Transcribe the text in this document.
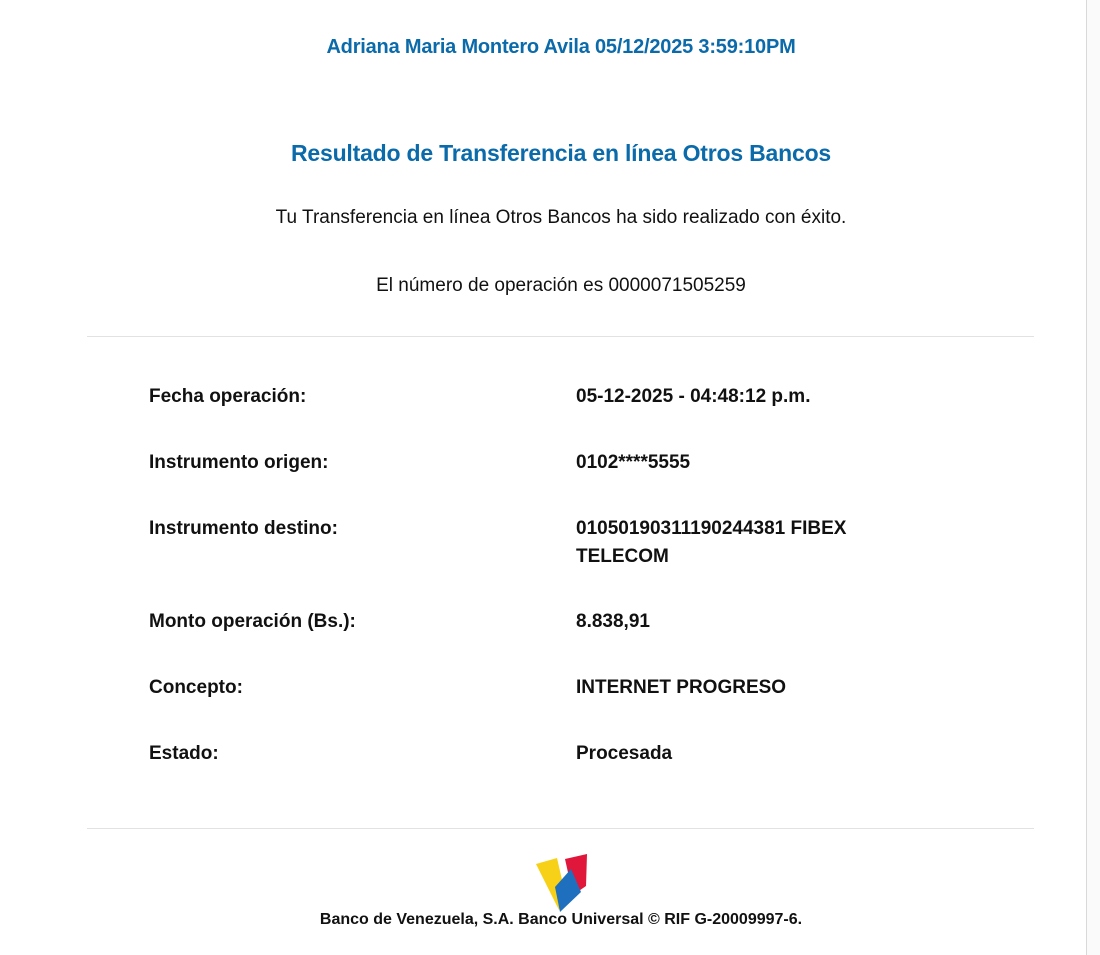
Adriana Maria Montero Avila 05/12/2025 3:59:10PM
Resultado de Transferencia en línea Otros Bancos
Tu Transferencia en línea Otros Bancos ha sido realizado con éxito.
El número de operación es 0000071505259
Fecha operación:	05-12-2025 - 04:48:12 p.m.
Instrumento origen:	0102****5555
Instrumento destino:	01050190311190244381 FIBEX TELECOM
Monto operación (Bs.):	8.838,91
Concepto:	INTERNET PROGRESO
Estado:	Procesada
Banco de Venezuela, S.A. Banco Universal © RIF G-20009997-6.
